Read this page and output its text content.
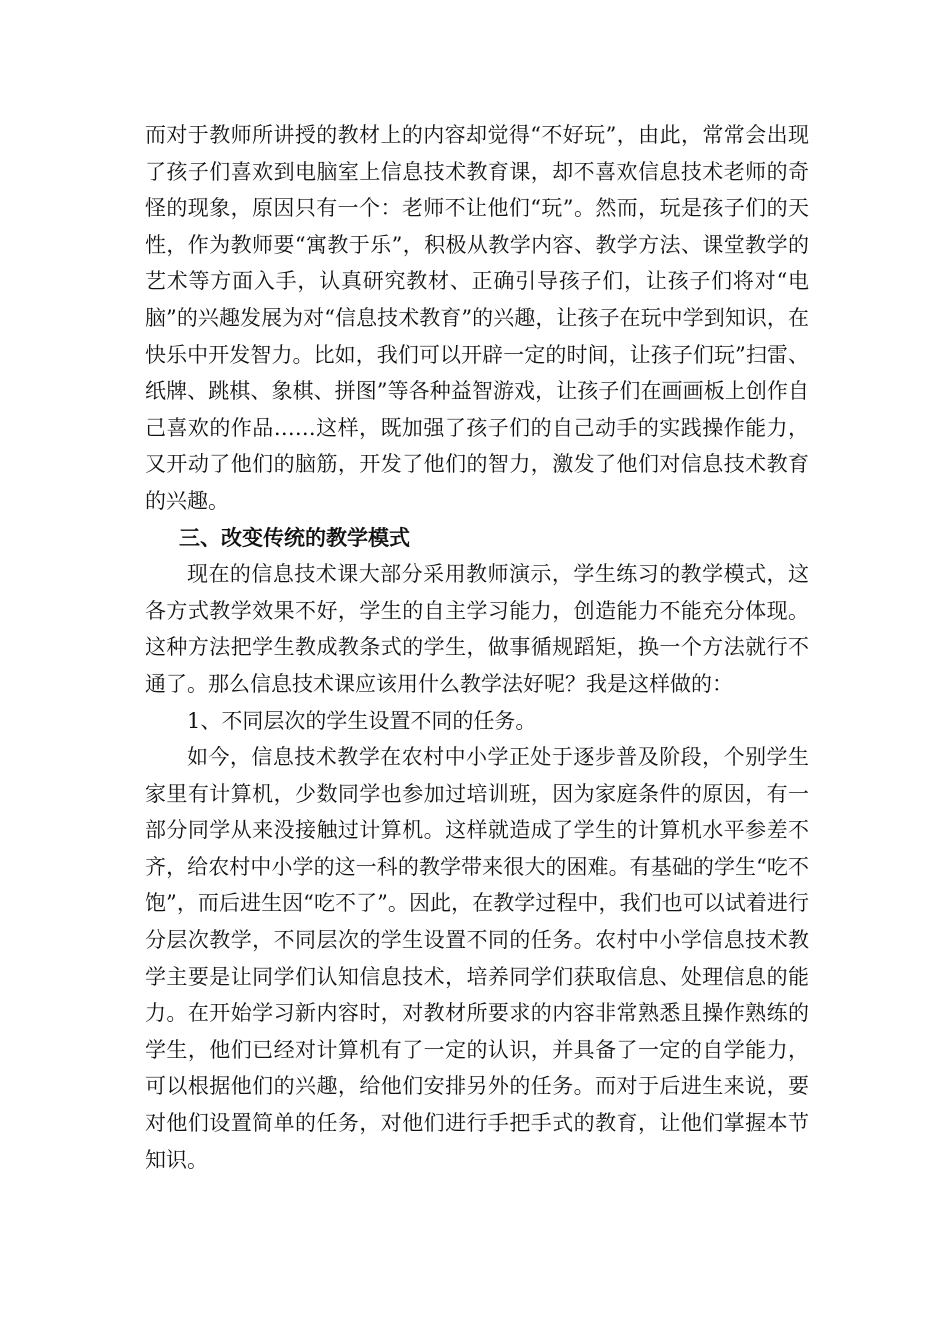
而对于教师所讲授的教材上的内容却觉得“不好玩”，由此，常常会出现了孩子们喜欢到电脑室上信息技术教育课，却不喜欢信息技术老师的奇怪的现象，原因只有一个：老师不让他们“玩”。然而，玩是孩子们的天性，作为教师要“寓教于乐”，积极从教学内容、教学方法、课堂教学的艺术等方面入手，认真研究教材、正确引导孩子们，让孩子们将对“电脑”的兴趣发展为对“信息技术教育”的兴趣，让孩子在玩中学到知识，在快乐中开发智力。比如，我们可以开辟一定的时间，让孩子们玩”扫雷、纸牌、跳棋、象棋、拼图”等各种益智游戏，让孩子们在画画板上创作自己喜欢的作品……这样，既加强了孩子们的自己动手的实践操作能力，又开动了他们的脑筋，开发了他们的智力，激发了他们对信息技术教育的兴趣。

三、改变传统的教学模式

现在的信息技术课大部分采用教师演示，学生练习的教学模式，这各方式教学效果不好，学生的自主学习能力，创造能力不能充分体现。这种方法把学生教成教条式的学生，做事循规蹈矩，换一个方法就行不通了。那么信息技术课应该用什么教学法好呢？我是这样做的：

1、不同层次的学生设置不同的任务。

如今，信息技术教学在农村中小学正处于逐步普及阶段，个别学生家里有计算机，少数同学也参加过培训班，因为家庭条件的原因，有一部分同学从来没接触过计算机。这样就造成了学生的计算机水平参差不齐，给农村中小学的这一科的教学带来很大的困难。有基础的学生“吃不饱”，而后进生因“吃不了”。因此，在教学过程中，我们也可以试着进行分层次教学，不同层次的学生设置不同的任务。农村中小学信息技术教学主要是让同学们认知信息技术，培养同学们获取信息、处理信息的能力。在开始学习新内容时，对教材所要求的内容非常熟悉且操作熟练的学生，他们已经对计算机有了一定的认识，并具备了一定的自学能力，可以根据他们的兴趣，给他们安排另外的任务。而对于后进生来说，要对他们设置简单的任务，对他们进行手把手式的教育，让他们掌握本节知识。
